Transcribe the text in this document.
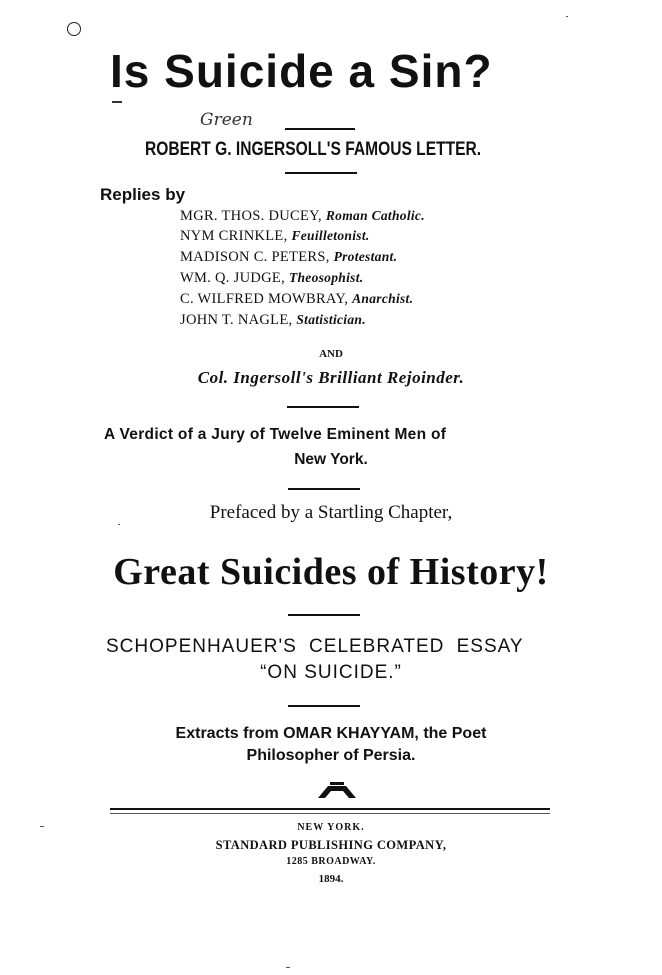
Is Suicide a Sin?
Green
ROBERT G. INGERSOLL'S FAMOUS LETTER.
Replies by
MGR. THOS. DUCEY, Roman Catholic.
NYM CRINKLE, Feuilletonist.
MADISON C. PETERS, Protestant.
WM. Q. JUDGE, Theosophist.
C. WILFRED MOWBRAY, Anarchist.
JOHN T. NAGLE, Statistician.
AND
Col. Ingersoll's Brilliant Rejoinder.
A Verdict of a Jury of Twelve Eminent Men of
New York.
Prefaced by a Startling Chapter,
Great Suicides of History!
SCHOPENHAUER'S CELEBRATED ESSAY
“ON SUICIDE.”
Extracts from OMAR KHAYYAM, the Poet
Philosopher of Persia.
NEW YORK.
STANDARD PUBLISHING COMPANY,
1285 BROADWAY.
1894.
